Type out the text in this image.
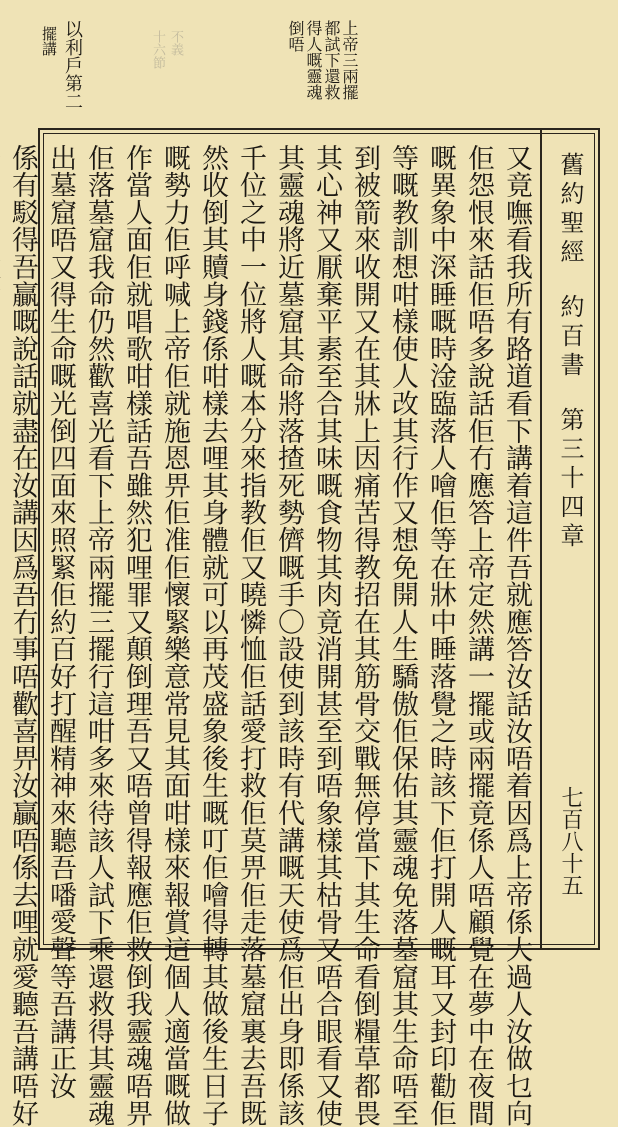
以利戶第二
擺講	不義
十六節	上帝三兩擺
都試下還救
得人嘅靈魂
倒唔
舊約聖經約百書第三十四章
七百八十五
又竟嘸看我所有路道看下講着這件吾就應答汝話汝唔着因爲上帝係大過人汝做乜向
佢怨恨來話佢唔多說話佢冇應答上帝定然講一擺或兩擺竟係人唔顧覺在夢中在夜間
嘅異象中深睡嘅時淦臨落人噲佢等在牀中睡落覺之時該下佢打開人嘅耳又封印勸佢
等嘅教訓想咁樣使人改其行作又想免開人生驕傲佢保佑其靈魂免落墓窟其生命唔至
到被箭來收開又在其牀上因痛苦得教招在其筋骨交戰無停當下其生命看倒糧草都畏
其心神又厭棄平素至合其味嘅食物其肉竟消開甚至到唔象樣其枯骨又唔合眼看又使
其靈魂將近墓窟其命將落揸死勢儕嘅手〇設使到該時有代講嘅天使爲佢出身即係該
千位之中一位將人嘅本分來指教佢又曉憐恤佢話愛打救佢莫畀佢走落墓窟裏去吾既
然收倒其贖身錢係咁樣去哩其身體就可以再茂盛象後生嘅叮佢噲得轉其做後生日子
嘅勢力佢呼喊上帝佢就施恩畀佢准佢懷緊樂意常見其面咁樣來報賞這個人適當嘅做
作當人面佢就唱歌咁樣話吾雖然犯哩罪又顛倒理吾又唔曾得報應佢救倒我靈魂唔畀
佢落墓窟我命仍然歡喜光看下上帝兩擺三擺行這咁多來待該人試下乘還救得其靈魂
出墓窟唔又得生命嘅光倒四面來照緊佢約百好打醒精神來聽吾噃愛聲等吾講正汝
係有駁得吾贏嘅說話就盡在汝講因爲吾冇事唔歡喜畀汝贏唔係去哩就愛聽吾講唔好
